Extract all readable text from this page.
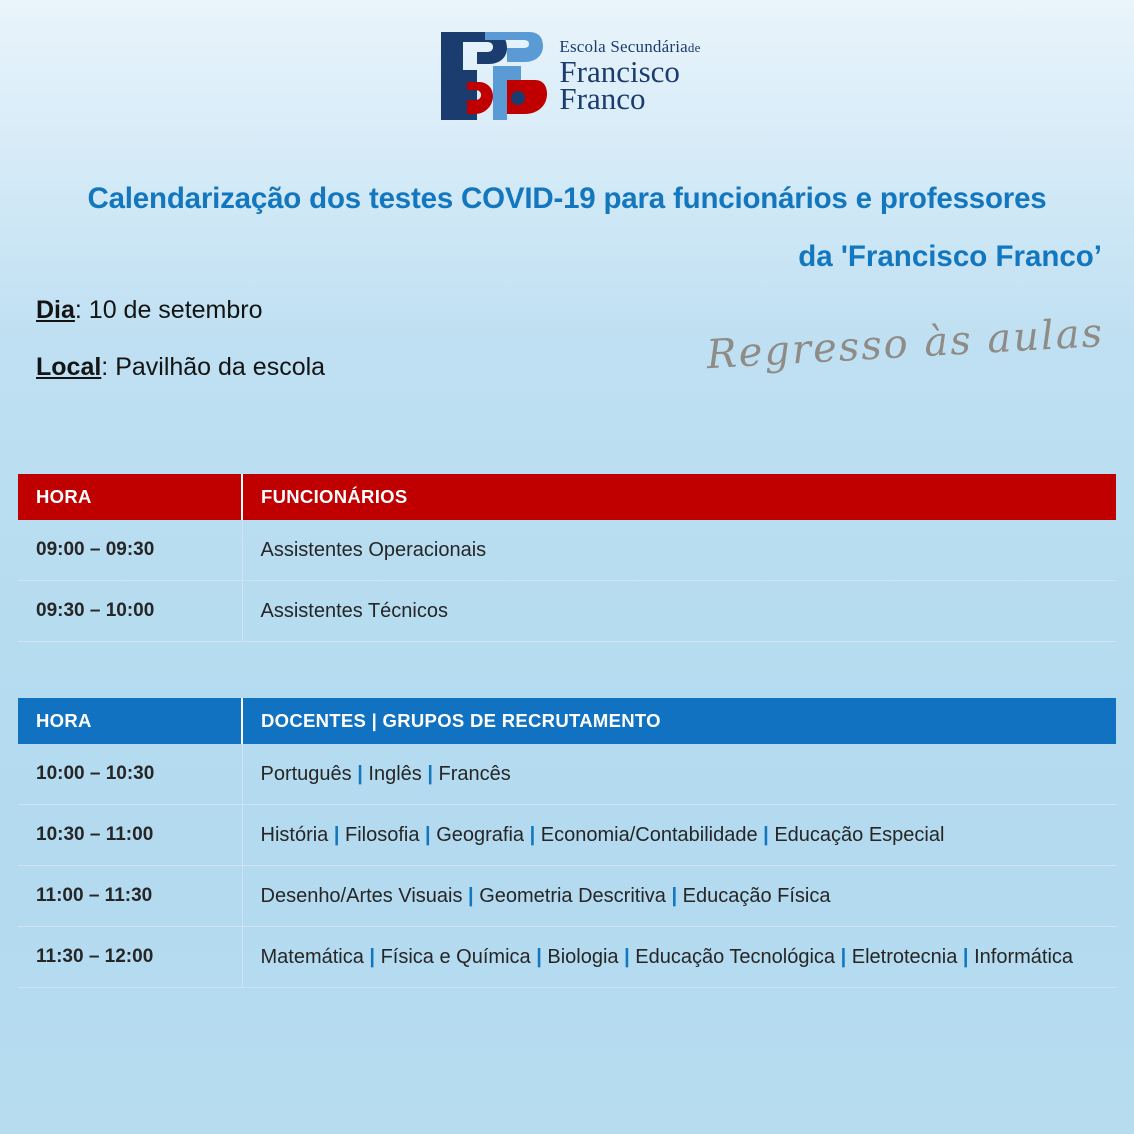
Escola Secundáriade
Francisco
Franco
Calendarização dos testes COVID-19 para funcionários e professores
da 'Francisco Franco’
Dia: 10 de setembro
Local: Pavilhão da escola	Regresso às aulas
HORA	FUNCIONÁRIOS
09:00 – 09:30	Assistentes Operacionais
09:30 – 10:00	Assistentes Técnicos
HORA	DOCENTES | GRUPOS DE RECRUTAMENTO
10:00 – 10:30	Português | Inglês | Francês
10:30 – 11:00	História | Filosofia | Geografia | Economia/Contabilidade | Educação Especial
11:00 – 11:30	Desenho/Artes Visuais | Geometria Descritiva | Educação Física
11:30 – 12:00	Matemática | Física e Química | Biologia | Educação Tecnológica | Eletrotecnia | Informática
